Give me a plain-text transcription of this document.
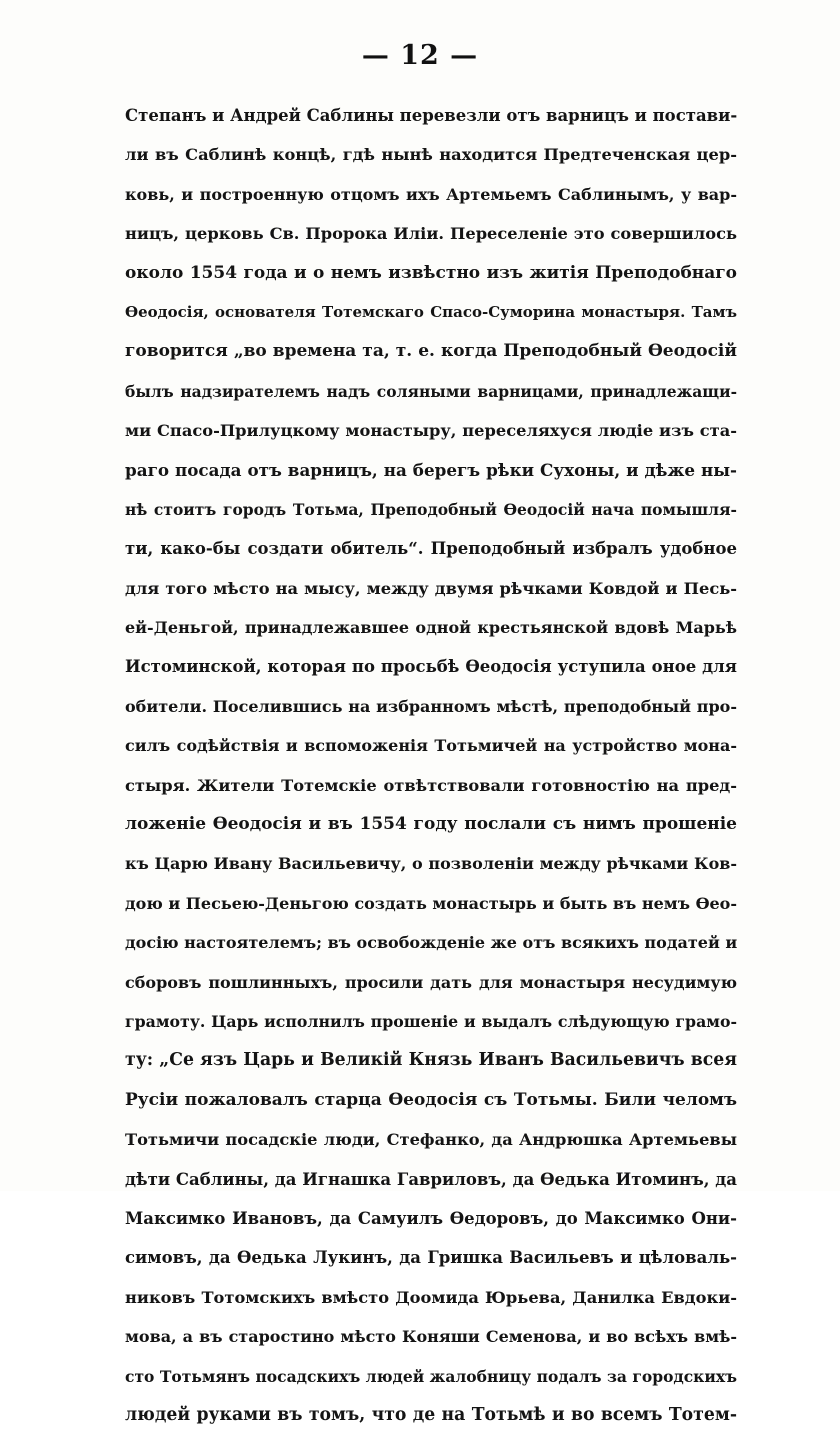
— 12 —
Степанъ и Андрей Саблины перевезли отъ варницъ и постави-
ли въ Саблинѣ концѣ, гдѣ нынѣ находится Предтеченская цер-
ковь, и построенную отцомъ ихъ Артемьемъ Саблинымъ, у вар-
ницъ, церковь Св. Пророка Иліи. Переселеніе это совершилось
около 1554 года и о немъ извѣстно изъ житія Преподобнаго
Ѳеодосія, основателя Тотемскаго Спасо-Суморина монастыря. Тамъ
говорится „во времена та, т. е. когда Преподобный Ѳеодосій
былъ надзирателемъ надъ соляными варницами, принадлежащи-
ми Спасо-Прилуцкому монастыру, переселяхуся людіе изъ ста-
раго посада отъ варницъ, на берегъ рѣки Сухоны, и дѣже ны-
нѣ стоитъ городъ Тотьма, Преподобный Ѳеодосій нача помышля-
ти, како-бы создати обитель“. Преподобный избралъ удобное
для того мѣсто на мысу, между двумя рѣчками Ковдой и Песь-
ей-Деньгой, принадлежавшее одной крестьянской вдовѣ Марьѣ
Истоминской, которая по просьбѣ Ѳеодосія уступила оное для
обители. Поселившись на избранномъ мѣстѣ, преподобный про-
силъ содѣйствія и вспоможенія Тотьмичей на устройство мона-
стыря. Жители Тотемскіе отвѣтствовали готовностію на пред-
ложеніе Ѳеодосія и въ 1554 году послали съ нимъ прошеніе
къ Царю Ивану Васильевичу, о позволеніи между рѣчками Ков-
дою и Песьею-Деньгою создать монастырь и быть въ немъ Ѳео-
досію настоятелемъ; въ освобожденіе же отъ всякихъ податей и
сборовъ пошлинныхъ, просили дать для монастыря несудимую
грамоту. Царь исполнилъ прошеніе и выдалъ слѣдующую грамо-
ту: „Се язъ Царь и Великій Князь Иванъ Васильевичъ всея
Русіи пожаловалъ старца Ѳеодосія съ Тотьмы. Били челомъ
Тотьмичи посадскіе люди, Стефанко, да Андрюшка Артемьевы
дѣти Саблины, да Игнашка Гавриловъ, да Ѳедька Итоминъ, да
Максимко Ивановъ, да Самуилъ Ѳедоровъ, до Максимко Они-
симовъ, да Ѳедька Лукинъ, да Гришка Васильевъ и цѣловаль-
никовъ Тотомскихъ вмѣсто Доомида Юрьева, Данилка Евдоки-
мова, а въ старостино мѣсто Коняши Семенова, и во всѣхъ вмѣ-
сто Тотьмянъ посадскихъ людей жалобницу подалъ за городскихъ
людей руками въ томъ, что де на Тотьмѣ и во всемъ Тотем-
